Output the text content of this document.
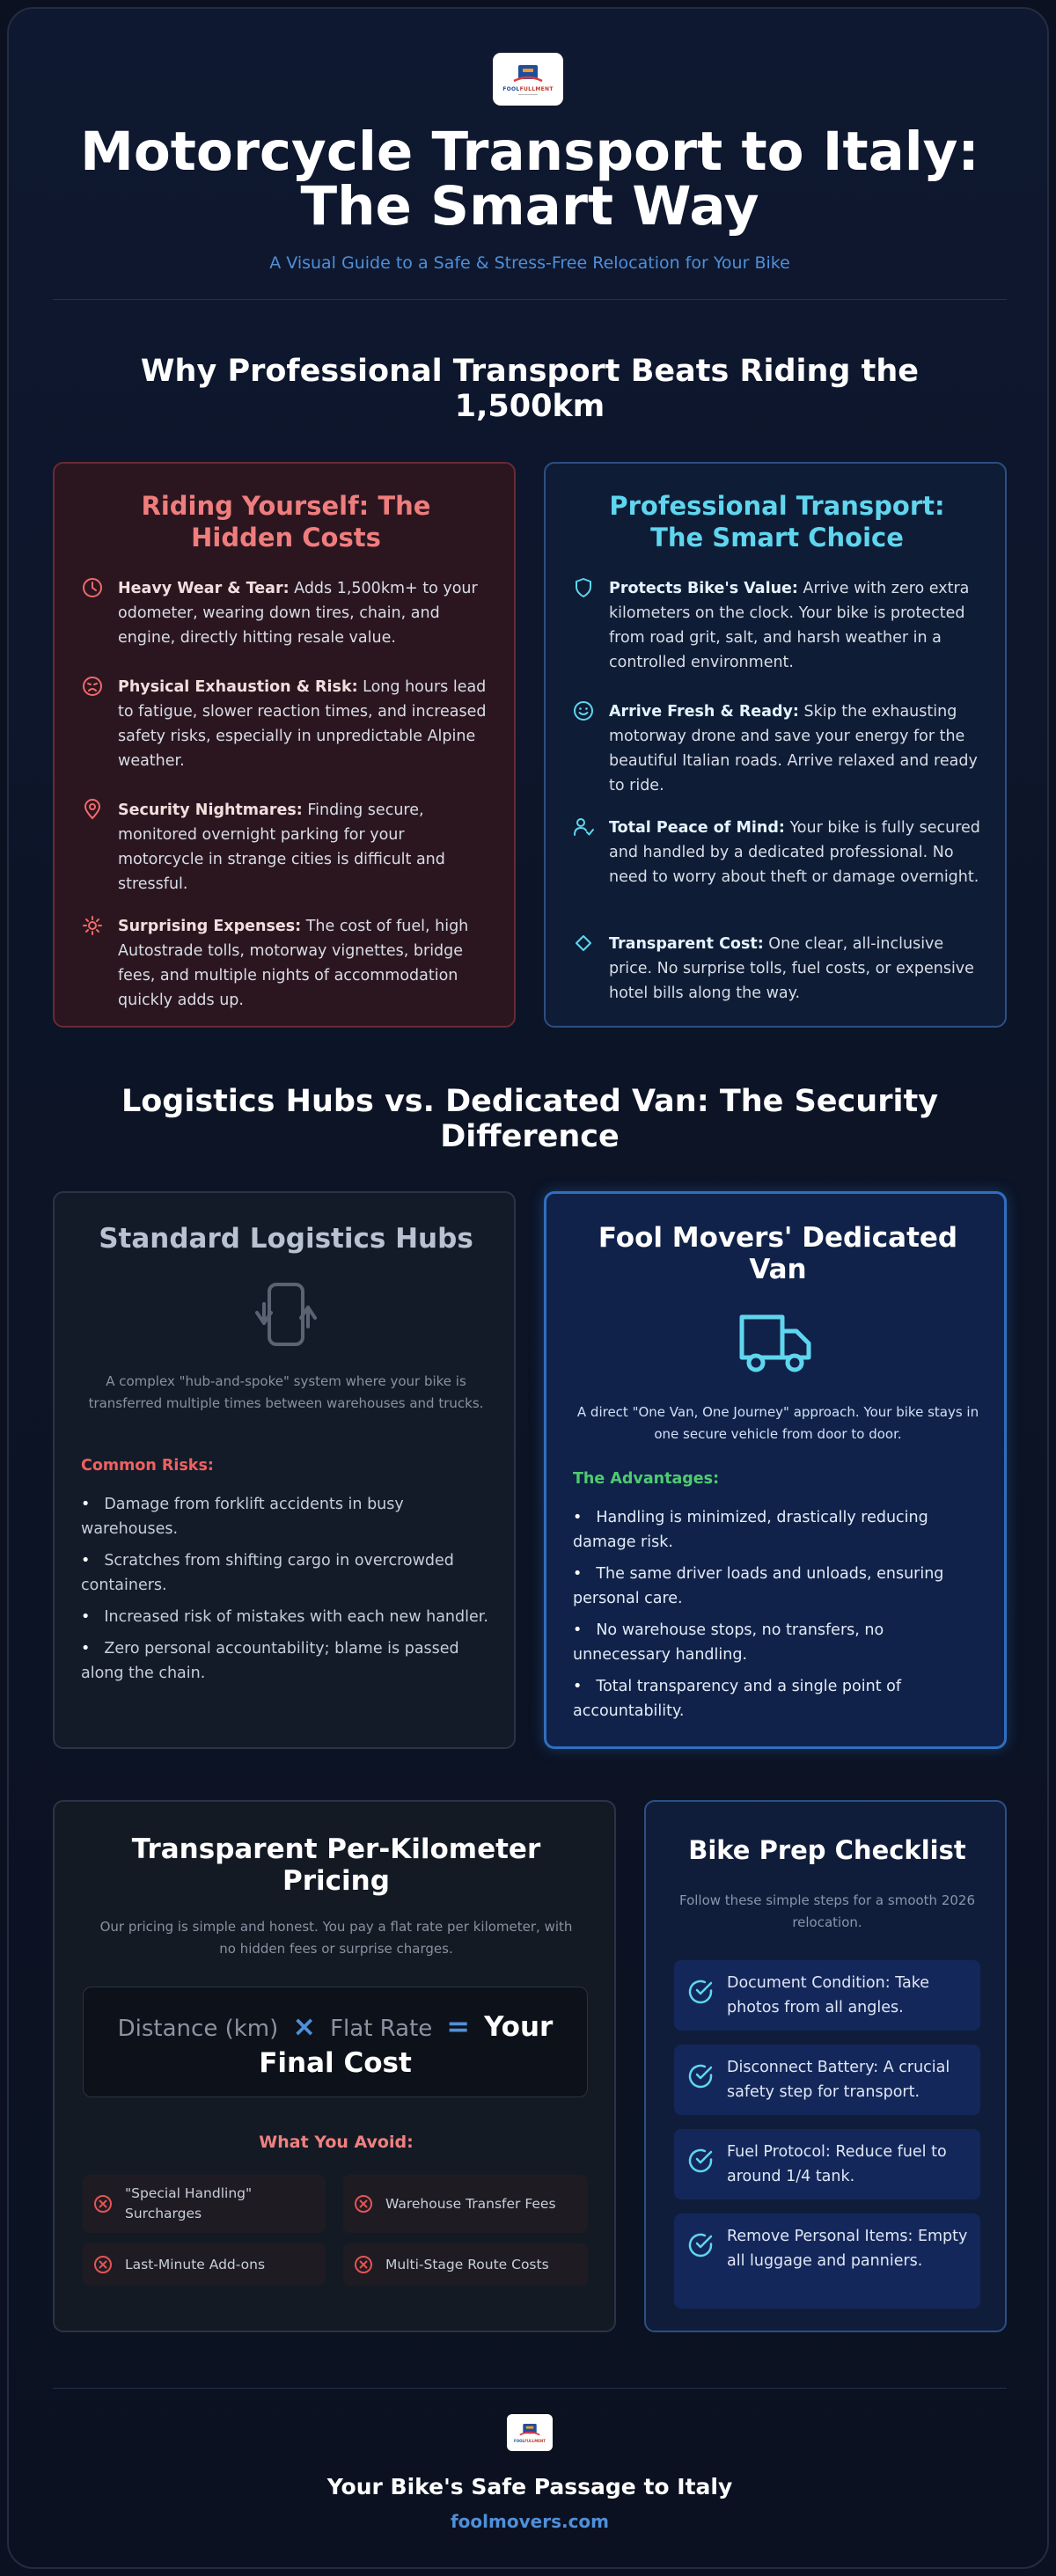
FOOLFULLMENT
Motorcycle Transport to Italy:
The Smart Way
A Visual Guide to a Safe & Stress-Free Relocation for Your Bike
Why Professional Transport Beats Riding the
1,500km
Riding Yourself: The
Hidden Costs
Heavy Wear & Tear: Adds 1,500km+ to your odometer, wearing down tires, chain, and engine, directly hitting resale value.
Physical Exhaustion & Risk: Long hours lead to fatigue, slower reaction times, and increased safety risks, especially in unpredictable Alpine weather.
Security Nightmares: Finding secure, monitored overnight parking for your motorcycle in strange cities is difficult and stressful.
Surprising Expenses: The cost of fuel, high Autostrade tolls, motorway vignettes, bridge fees, and multiple nights of accommodation quickly adds up.
Professional Transport:
The Smart Choice
Protects Bike's Value: Arrive with zero extra kilometers on the clock. Your bike is protected from road grit, salt, and harsh weather in a controlled environment.
Arrive Fresh & Ready: Skip the exhausting motorway drone and save your energy for the beautiful Italian roads. Arrive relaxed and ready to ride.
Total Peace of Mind: Your bike is fully secured and handled by a dedicated professional. No need to worry about theft or damage overnight.
Transparent Cost: One clear, all-inclusive price. No surprise tolls, fuel costs, or expensive hotel bills along the way.
Logistics Hubs vs. Dedicated Van: The Security
Difference
Standard Logistics Hubs
A complex "hub-and-spoke" system where your bike is transferred multiple times between warehouses and trucks.
Common Risks:
• Damage from forklift accidents in busy warehouses.
• Scratches from shifting cargo in overcrowded containers.
• Increased risk of mistakes with each new handler.
• Zero personal accountability; blame is passed along the chain.
Fool Movers' Dedicated
Van
A direct "One Van, One Journey" approach. Your bike stays in one secure vehicle from door to door.
The Advantages:
• Handling is minimized, drastically reducing damage risk.
• The same driver loads and unloads, ensuring personal care.
• No warehouse stops, no transfers, no unnecessary handling.
• Total transparency and a single point of accountability.
Transparent Per-Kilometer
Pricing
Our pricing is simple and honest. You pay a flat rate per kilometer, with no hidden fees or surprise charges.
Distance (km) × Flat Rate = Your
Final Cost
What You Avoid:
"Special Handling" Surcharges
Warehouse Transfer Fees
Last-Minute Add-ons	Multi-Stage Route Costs
Bike Prep Checklist
Follow these simple steps for a smooth 2026 relocation.
Document Condition: Take photos from all angles.
Disconnect Battery: A crucial safety step for transport.
Fuel Protocol: Reduce fuel to around 1/4 tank.
Remove Personal Items: Empty all luggage and panniers.
FOOLFULLMENT
Your Bike's Safe Passage to Italy
foolmovers.com
